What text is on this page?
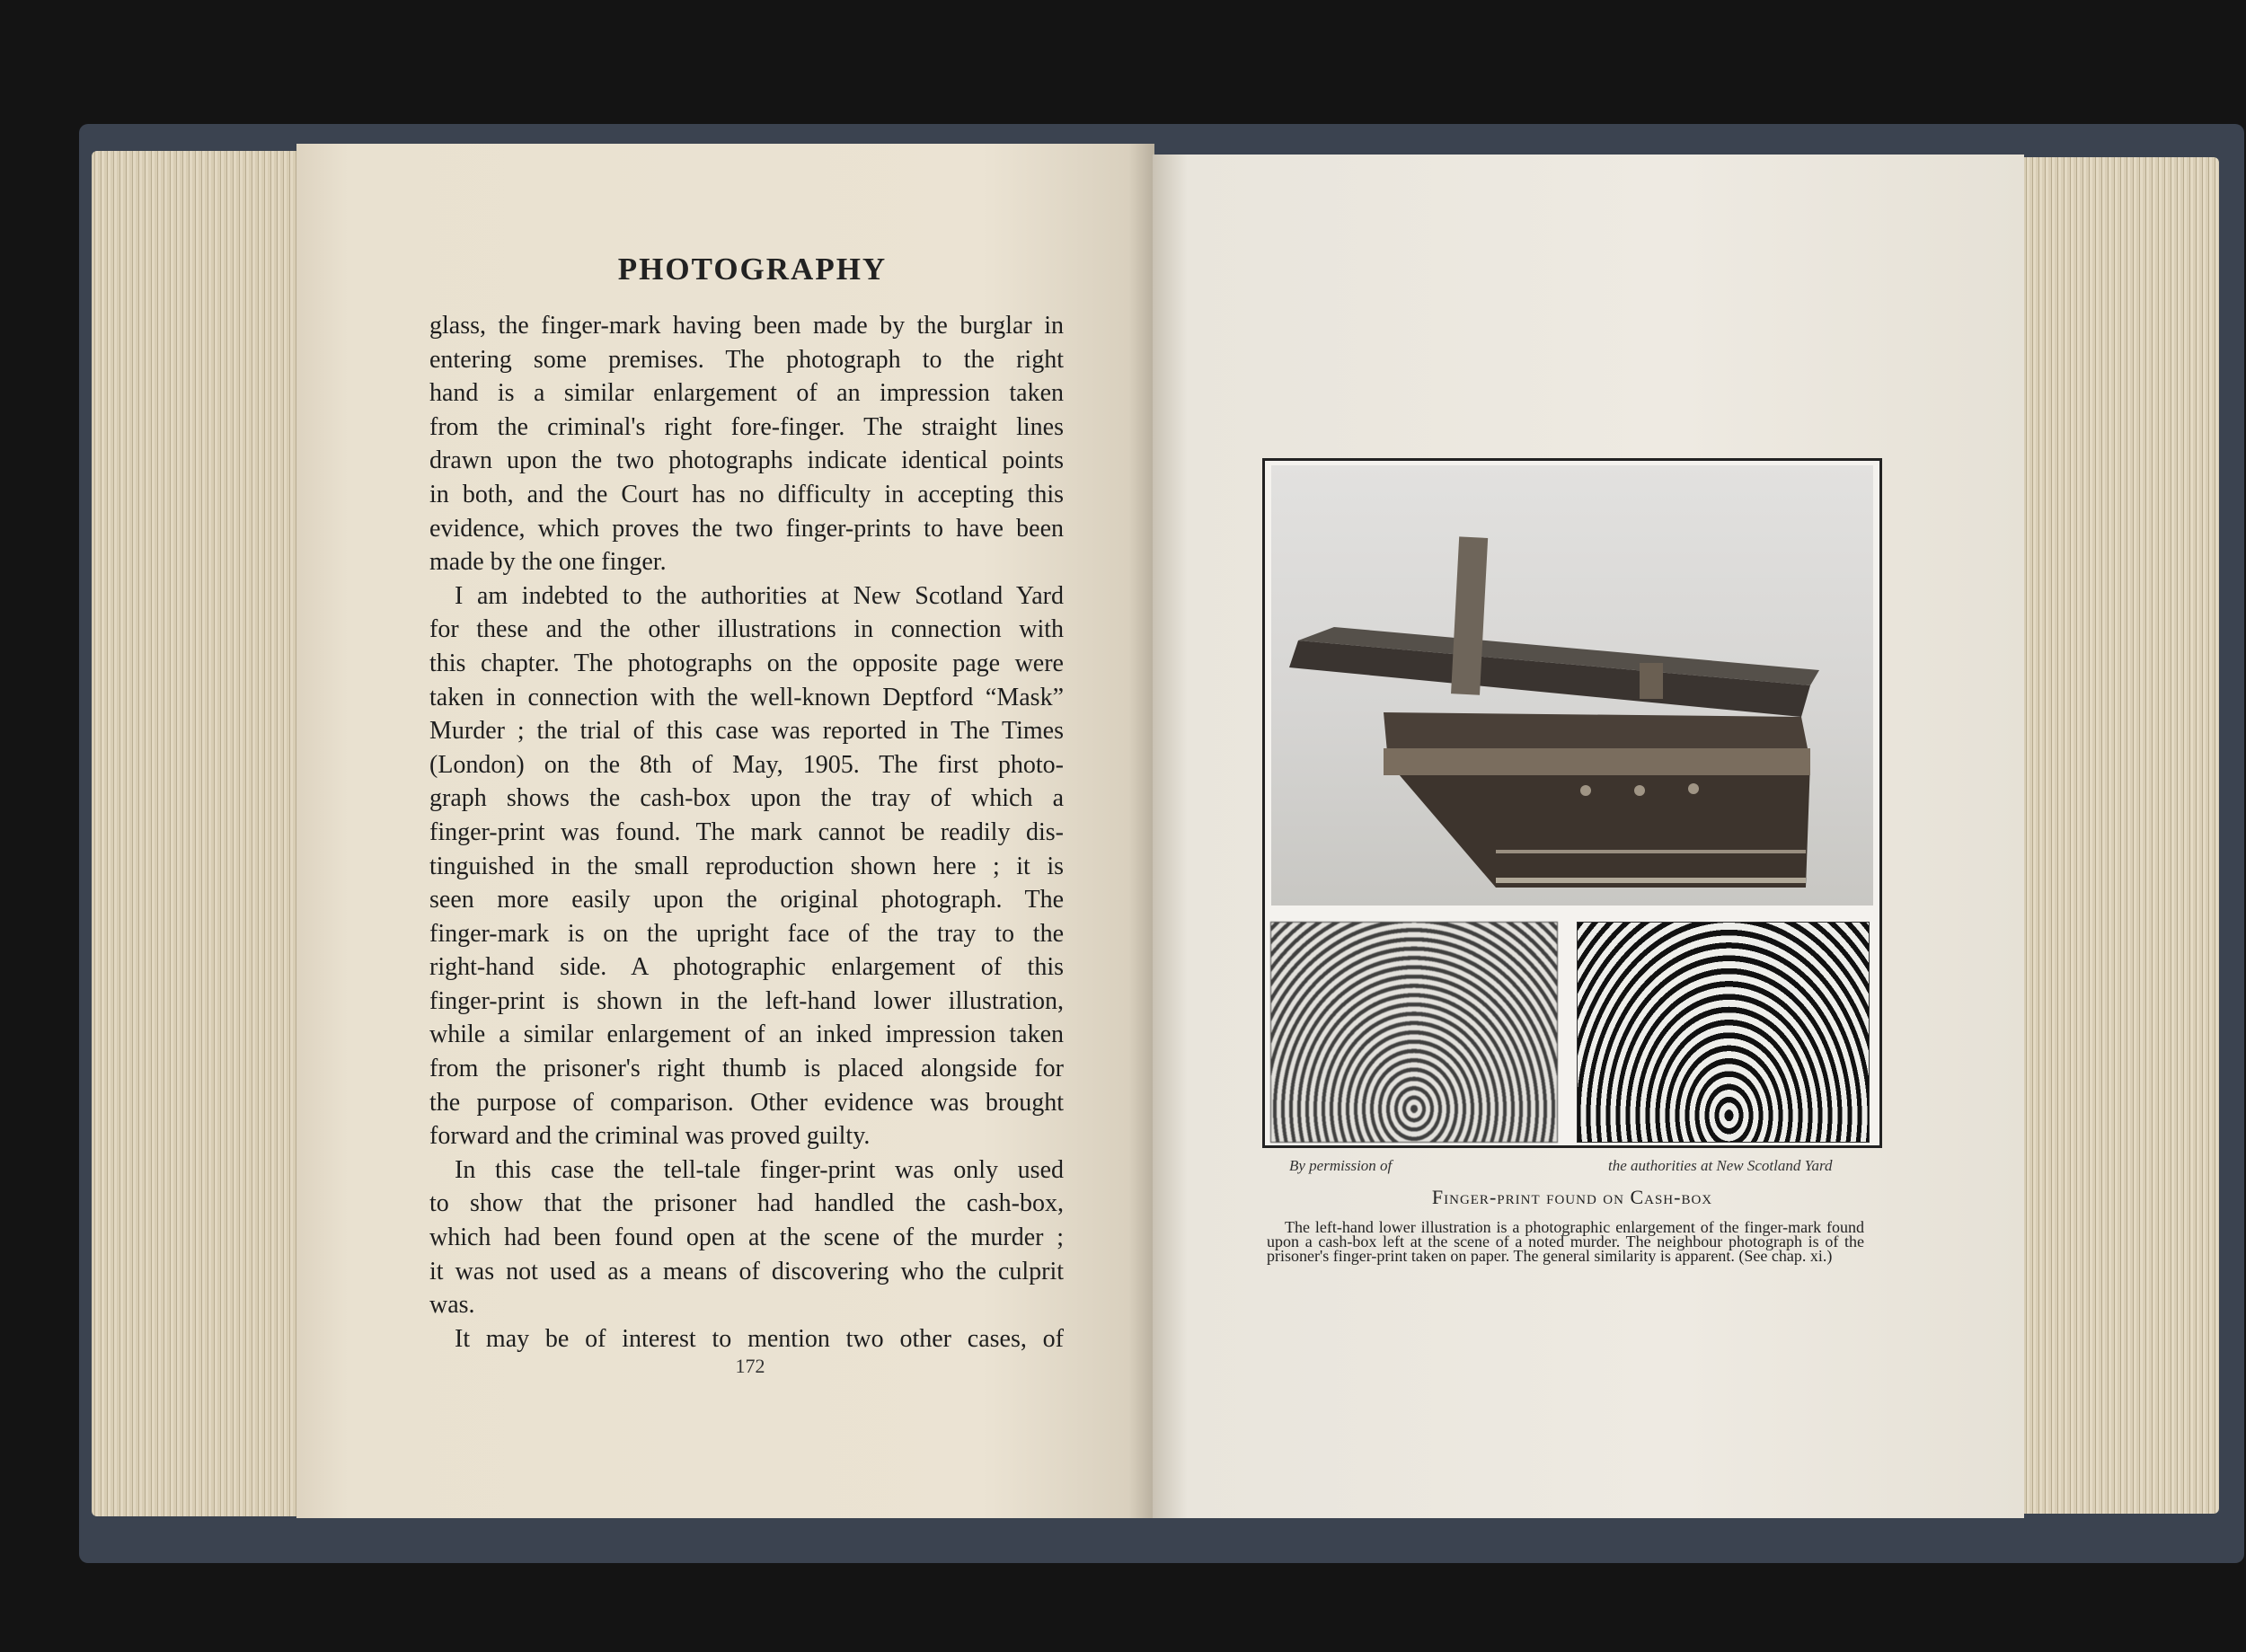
PHOTOGRAPHY
glass, the finger-mark having been made by the burglar in
entering some premises. The photograph to the right
hand is a similar enlargement of an impression taken
from the criminal's right fore-finger. The straight lines
drawn upon the two photographs indicate identical points
in both, and the Court has no difficulty in accepting this
evidence, which proves the two finger-prints to have been
made by the one finger.
I am indebted to the authorities at New Scotland Yard
for these and the other illustrations in connection with
this chapter. The photographs on the opposite page were
taken in connection with the well-known Deptford “Mask”
Murder ; the trial of this case was reported in The Times
(London) on the 8th of May, 1905. The first photo-
graph shows the cash-box upon the tray of which a
finger-print was found. The mark cannot be readily dis-
tinguished in the small reproduction shown here ; it is
seen more easily upon the original photograph. The
finger-mark is on the upright face of the tray to the
right-hand side. A photographic enlargement of this
finger-print is shown in the left-hand lower illustration,
while a similar enlargement of an inked impression taken
from the prisoner's right thumb is placed alongside for
the purpose of comparison. Other evidence was brought
forward and the criminal was proved guilty.
In this case the tell-tale finger-print was only used
to show that the prisoner had handled the cash-box,
which had been found open at the scene of the murder ;
it was not used as a means of discovering who the culprit
was.
It may be of interest to mention two other cases, of
172
By permission of	the authorities at New Scotland Yard
Finger-print found on Cash-box
The left-hand lower illustration is a photographic enlargement of the finger-mark found upon a cash-box left at the scene of a noted murder. The neighbour photograph is of the prisoner's finger-print taken on paper. The general similarity is apparent. (See chap. xi.)
